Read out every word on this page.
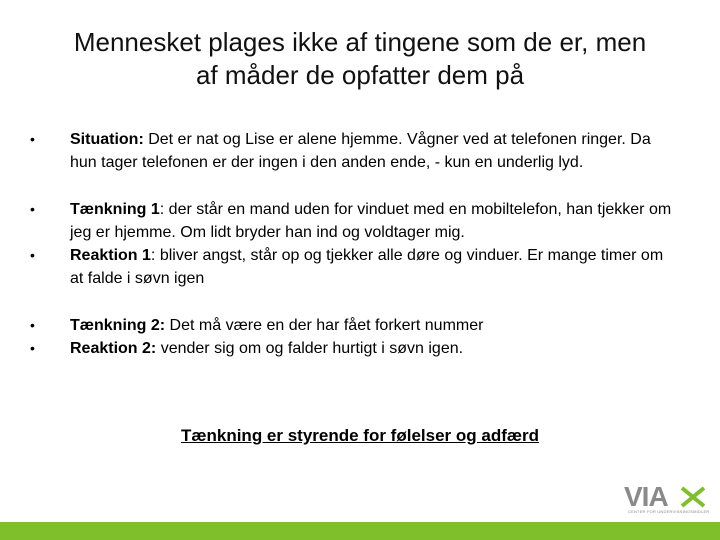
Mennesket plages ikke af tingene som de er, men
af måder de opfatter dem på
•	Situation: Det er nat og Lise er alene hjemme. Vågner ved at telefonen ringer. Da hun tager telefonen er der ingen i den anden ende, - kun en underlig lyd.
•	Tænkning 1: der står en mand uden for vinduet med en mobiltelefon, han tjekker om jeg er hjemme. Om lidt bryder han ind og voldtager mig.
•	Reaktion 1: bliver angst, står op og tjekker alle døre og vinduer. Er mange timer om at falde i søvn igen
•	Tænkning 2: Det må være en der har fået forkert nummer
•	Reaktion 2: vender sig om og falder hurtigt i søvn igen.
Tænkning er styrende for følelser og adfærd
VIA
CENTER FOR UNDERVISNINGSMIDLER
